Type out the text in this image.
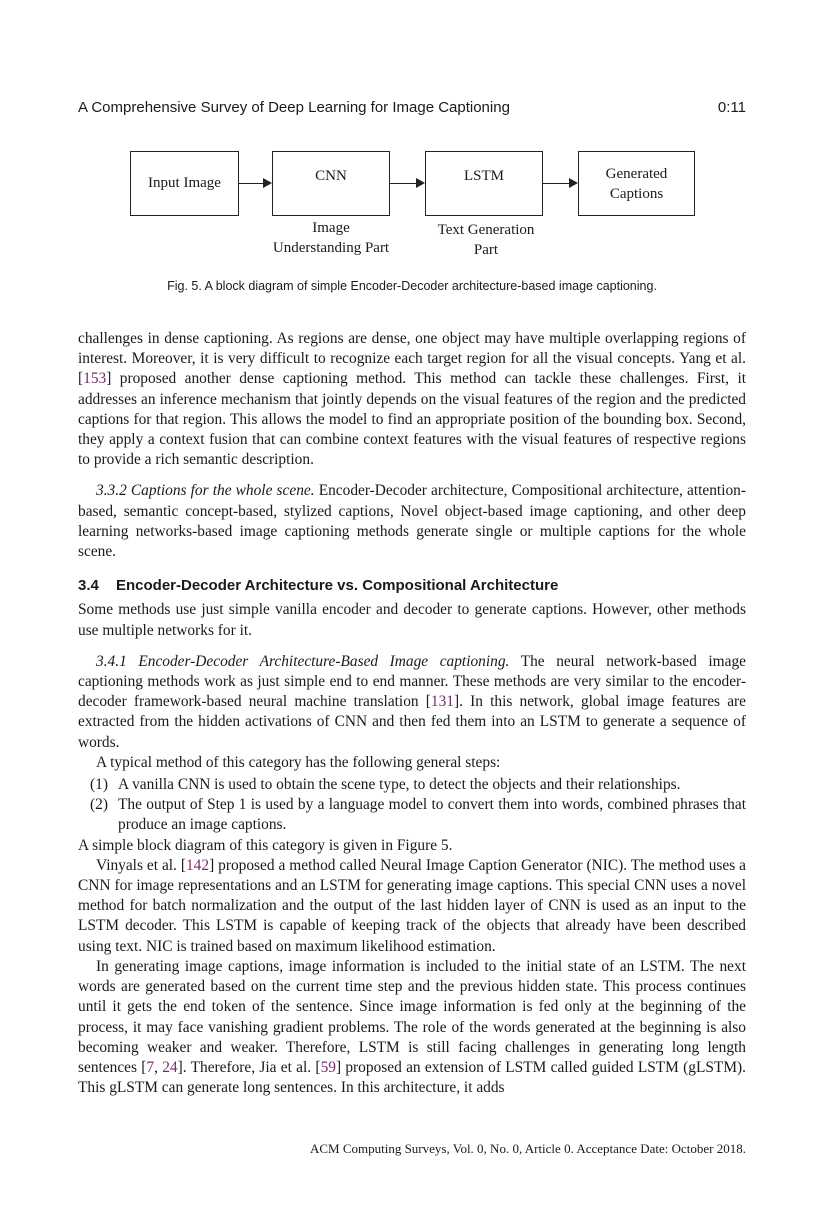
A Comprehensive Survey of Deep Learning for Image Captioning	0:11
Input Image	CNN	LSTM	Generated
Captions
Image
Understanding Part
Text Generation
Part
Fig. 5. A block diagram of simple Encoder-Decoder architecture-based image captioning.

challenges in dense captioning. As regions are dense, one object may have multiple overlapping regions of interest. Moreover, it is very difficult to recognize each target region for all the visual concepts. Yang et al. [153] proposed another dense captioning method. This method can tackle these challenges. First, it addresses an inference mechanism that jointly depends on the visual features of the region and the predicted captions for that region. This allows the model to find an appropriate position of the bounding box. Second, they apply a context fusion that can combine context features with the visual features of respective regions to provide a rich semantic description.

3.3.2 Captions for the whole scene. Encoder-Decoder architecture, Compositional architecture, attention-based, semantic concept-based, stylized captions, Novel object-based image captioning, and other deep learning networks-based image captioning methods generate single or multiple captions for the whole scene.

3.4 Encoder-Decoder Architecture vs. Compositional Architecture

Some methods use just simple vanilla encoder and decoder to generate captions. However, other methods use multiple networks for it.

3.4.1 Encoder-Decoder Architecture-Based Image captioning. The neural network-based image captioning methods work as just simple end to end manner. These methods are very similar to the encoder-decoder framework-based neural machine translation [131]. In this network, global image features are extracted from the hidden activations of CNN and then fed them into an LSTM to generate a sequence of words.

A typical method of this category has the following general steps:

(1) A vanilla CNN is used to obtain the scene type, to detect the objects and their relationships.
(2) The output of Step 1 is used by a language model to convert them into words, combined phrases that produce an image captions.

A simple block diagram of this category is given in Figure 5.

Vinyals et al. [142] proposed a method called Neural Image Caption Generator (NIC). The method uses a CNN for image representations and an LSTM for generating image captions. This special CNN uses a novel method for batch normalization and the output of the last hidden layer of CNN is used as an input to the LSTM decoder. This LSTM is capable of keeping track of the objects that already have been described using text. NIC is trained based on maximum likelihood estimation.

In generating image captions, image information is included to the initial state of an LSTM. The next words are generated based on the current time step and the previous hidden state. This process continues until it gets the end token of the sentence. Since image information is fed only at the beginning of the process, it may face vanishing gradient problems. The role of the words generated at the beginning is also becoming weaker and weaker. Therefore, LSTM is still facing challenges in generating long length sentences [7, 24]. Therefore, Jia et al. [59] proposed an extension of LSTM called guided LSTM (gLSTM). This gLSTM can generate long sentences. In this architecture, it adds

ACM Computing Surveys, Vol. 0, No. 0, Article 0. Acceptance Date: October 2018.
